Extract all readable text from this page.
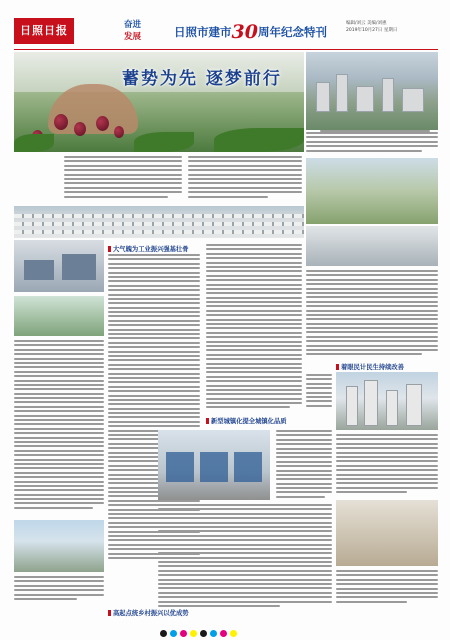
日照日报	奋进
发展	日照市建市30周年纪念特刊
编辑/刘云 美编/刘惠
2019年10月27日 星期日
蓄势为先 逐梦前行
大气魄为工业振兴强基壮骨
新型城镇化提全城镇化品质
着眼民计民生持续改善
高起点统乡村振兴以优成势
